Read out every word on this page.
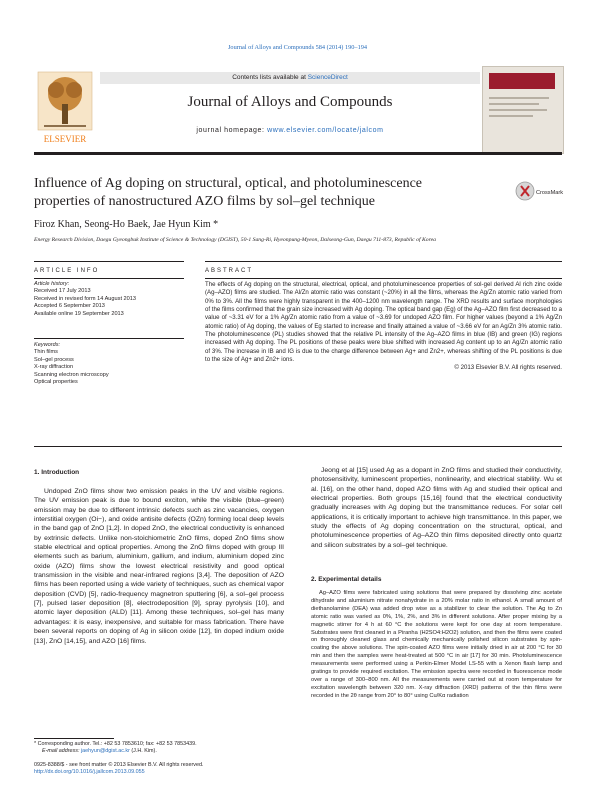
Journal of Alloys and Compounds 584 (2014) 190–194
ELSEVIER
Contents lists available at ScienceDirect
Journal of Alloys and Compounds
journal homepage: www.elsevier.com/locate/jalcom
Influence of Ag doping on structural, optical, and photoluminescence
properties of nanostructured AZO films by sol–gel technique
CrossMark
Firoz Khan, Seong-Ho Baek, Jae Hyun Kim *
Energy Research Division, Daegu Gyeongbuk Institute of Science & Technology (DGIST), 50-1 Sang-Ri, Hyeonpung-Myeon, Dalseong-Gun, Daegu 711-873, Republic of Korea
ARTICLE INFO
Article history:
Received 17 July 2013
Received in revised form 14 August 2013
Accepted 6 September 2013
Available online 19 September 2013
Keywords:
Thin films
Sol–gel process
X-ray diffraction
Scanning electron microscopy
Optical properties
ABSTRACT
The effects of Ag doping on the structural, electrical, optical, and photoluminescence properties of sol-gel derived Al rich zinc oxide (Ag–AZO) films are studied. The Al/Zn atomic ratio was constant (~20%) in all the films, whereas the Ag/Zn atomic ratio varied from 0% to 3%. All the films were highly transparent in the 400–1200 nm wavelength range. The XRD results and surface morphologies of the films confirmed that the grain size increased with Ag doping. The optical band gap (Eg) of the Ag–AZO film first decreased to a value of ~3.31 eV for a 1% Ag/Zn atomic ratio from a value of ~3.69 for undoped AZO film. For higher values (beyond a 1% Ag/Zn atomic ratio) of Ag doping, the values of Eg started to increase and finally attained a value of ~3.66 eV for an Ag/Zn 3% atomic ratio. The photoluminescence (PL) studies showed that the relative PL intensity of the Ag–AZO films in blue (IB) and green (IG) regions increased with Ag doping. The PL positions of these peaks were blue shifted with increased Ag content up to an Ag/Zn atomic ratio of 3%. The increase in IB and IG is due to the charge difference between Ag+ and Zn2+, whereas shifting of the PL positions is due to the size of Ag+ and Zn2+ ions.
© 2013 Elsevier B.V. All rights reserved.
1. Introduction

Undoped ZnO films show two emission peaks in the UV and visible regions. The UV emission peak is due to bound exciton, while the visible (blue–green) emission may be due to different intrinsic defects such as zinc vacancies, oxygen interstitial oxygen (Oi−), and oxide antisite defects (OZn) forming local deep levels in the band gap of ZnO [1,2]. In doped ZnO, the electrical conductivity is enhanced by extrinsic defects. Unlike non-stoichiometric ZnO films, doped ZnO films show stable electrical and optical properties. Among the ZnO films doped with group III elements such as barium, aluminium, gallium, and indium, aluminium doped zinc oxide (AZO) films show the lowest electrical resistivity and good optical transmission in the visible and near-infrared regions [3,4]. The deposition of AZO films has been reported using a wide variety of techniques, such as chemical vapor deposition (CVD) [5], radio-frequency magnetron sputtering [6], a sol–gel process [7], pulsed laser deposition [8], electrodeposition [9], spray pyrolysis [10], and atomic layer deposition (ALD) [11]. Among these techniques, sol–gel has many advantages: it is easy, inexpensive, and suitable for mass fabrication. There have been several reports on doping of Ag in silicon oxide [12], tin doped indium oxide [13], ZnO [14,15], and AZO [16] films.

Jeong et al [15] used Ag as a dopant in ZnO films and studied their conductivity, photosensitivity, luminescent properties, nonlinearity, and electrical stability. Wu et al. [16], on the other hand, doped AZO films with Ag and studied their optical and electrical properties. Both groups [15,16] found that the electrical conductivity gradually increases with Ag doping but the transmittance reduces. For solar cell applications, it is critically important to achieve high transmittance. In this paper, we study the effects of Ag doping concentration on the structural, optical, and photoluminescence properties of Ag–AZO thin films deposited directly onto quartz and silicon substrates by a sol–gel technique.

2. Experimental details

Ag–AZO films were fabricated using solutions that were prepared by dissolving zinc acetate dihydrate and aluminium nitrate nonahydrate in a 20% molar ratio in ethanol. A small amount of diethanolamine (DEA) was added drop wise as a stabilizer to clear the solution. The Ag to Zn atomic ratio was varied as 0%, 1%, 2%, and 3% in different solutions. After proper mixing by a magnetic stirrer for 4 h at 60 °C the solutions were kept for one day at room temperature. Substrates were first cleaned in a Piranha (H2SO4:H2O2) solution, and then the films were coated on thoroughly cleaned glass and chemically mechanically polished silicon substrates by spin-coating the above solutions. The spin-coated AZO films were initially dried in air at 200 °C for 30 min and then the samples were heat-treated at 500 °C in air [17] for 30 min. Photoluminescence measurements were performed using a Perkin-Elmer Model LS-55 with a Xenon flash lamp and gratings to provide required excitation. The emission spectra were recorded in fluorescence mode over a range of 300–800 nm. All the measurements were carried out at room temperature for excitation wavelength between 320 nm. X-ray diffraction (XRD) patterns of the thin films were recorded in the 2θ range from 20° to 80° using Cu/Kα radiation

* Corresponding author. Tel.: +82 53 7853610; fax: +82 53 7853439.
E-mail address: jaehyun@dgist.ac.kr (J.H. Kim).
0925-8388/$ - see front matter © 2013 Elsevier B.V. All rights reserved.
http://dx.doi.org/10.1016/j.jallcom.2013.09.055
